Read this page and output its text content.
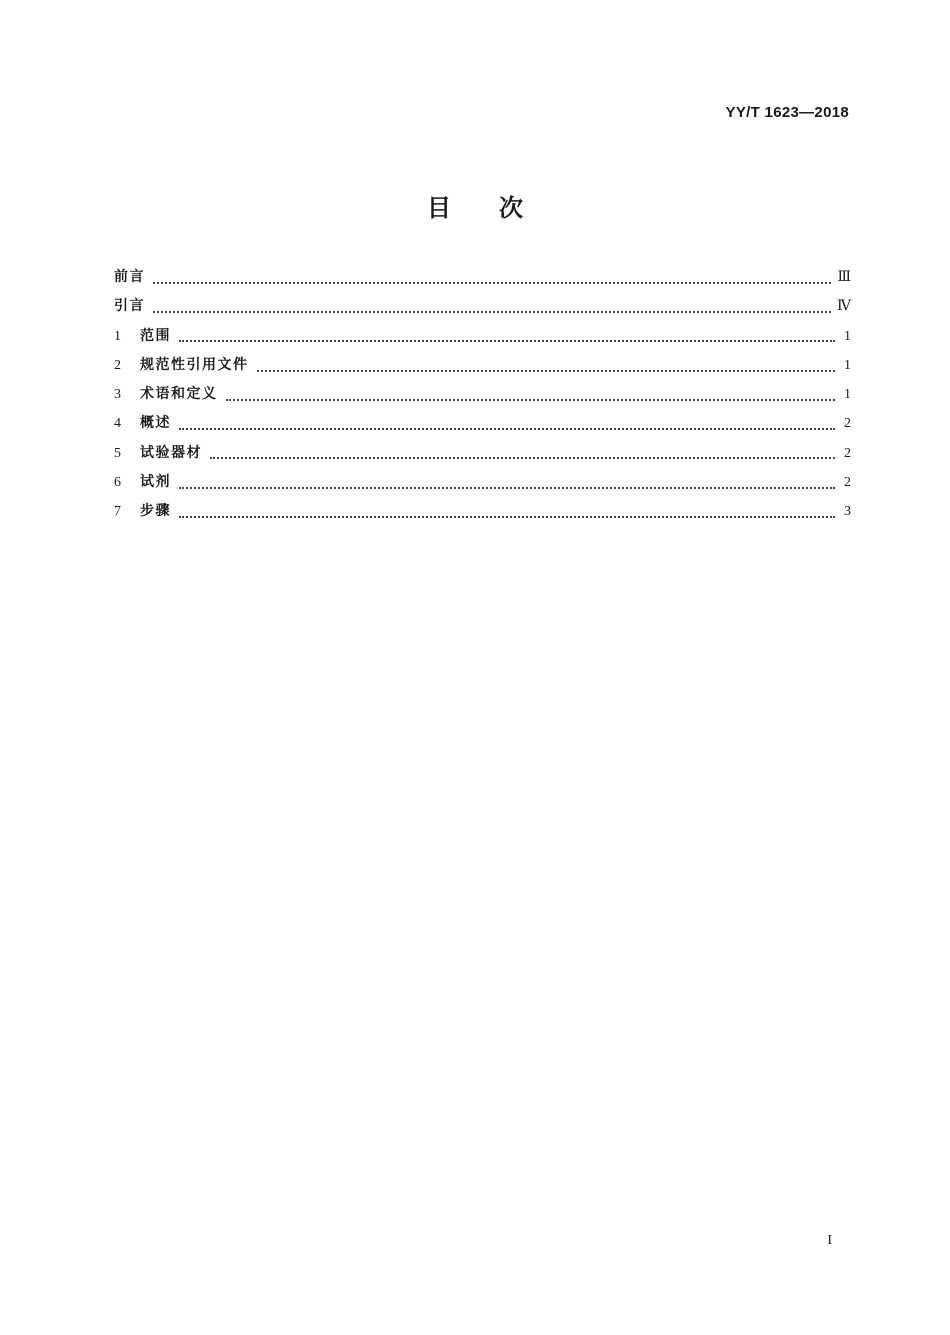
YY/T 1623—2018
目次
前言	Ⅲ
引言	Ⅳ
1	范围	1
2	规范性引用文件	1
3	术语和定义	1
4	概述	2
5	试验器材	2
6	试剂	2
7	步骤	3
I
